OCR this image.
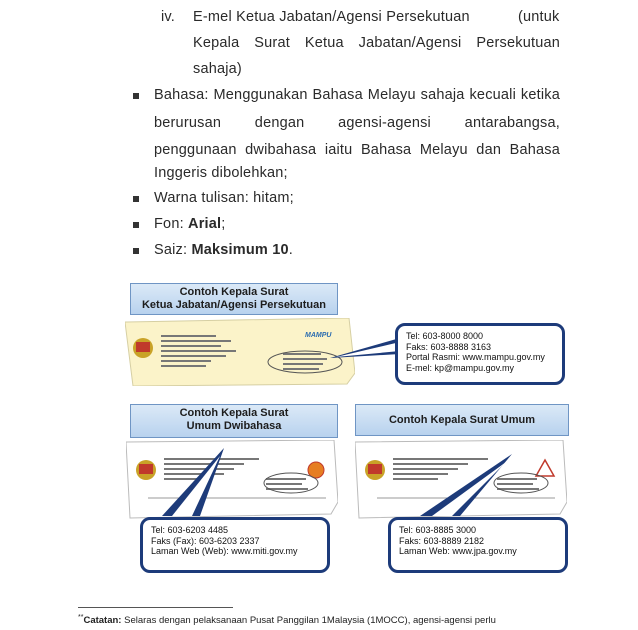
iv. E-mel Ketua Jabatan/Agensi Persekutuan	(untuk
Kepala Surat Ketua Jabatan/Agensi Persekutuan
sahaja)
Bahasa: Menggunakan Bahasa Melayu sahaja kecuali ketika
berurusan dengan agensi-agensi antarabangsa,
penggunaan dwibahasa iaitu Bahasa Melayu dan Bahasa
Inggeris dibolehkan;
Warna tulisan: hitam;
Fon: Arial;
Saiz: Maksimum 10.
Contoh Kepala Surat
Ketua Jabatan/Agensi Persekutuan
MAMPU	Tel: 603-8000 8000
Faks: 603-8888 3163
Portal Rasmi: www.mampu.gov.my
E-mel: kp@mampu.gov.my
Contoh Kepala Surat
Umum Dwibahasa
Tel: 603-6203 4485
Faks (Fax): 603-6203 2337
Laman Web (Web): www.miti.gov.my
Contoh Kepala Surat Umum
Tel: 603-8885 3000
Faks: 603-8889 2182
Laman Web: www.jpa.gov.my
**Catatan: Selaras dengan pelaksanaan Pusat Panggilan 1Malaysia (1MOCC), agensi-agensi perlu
